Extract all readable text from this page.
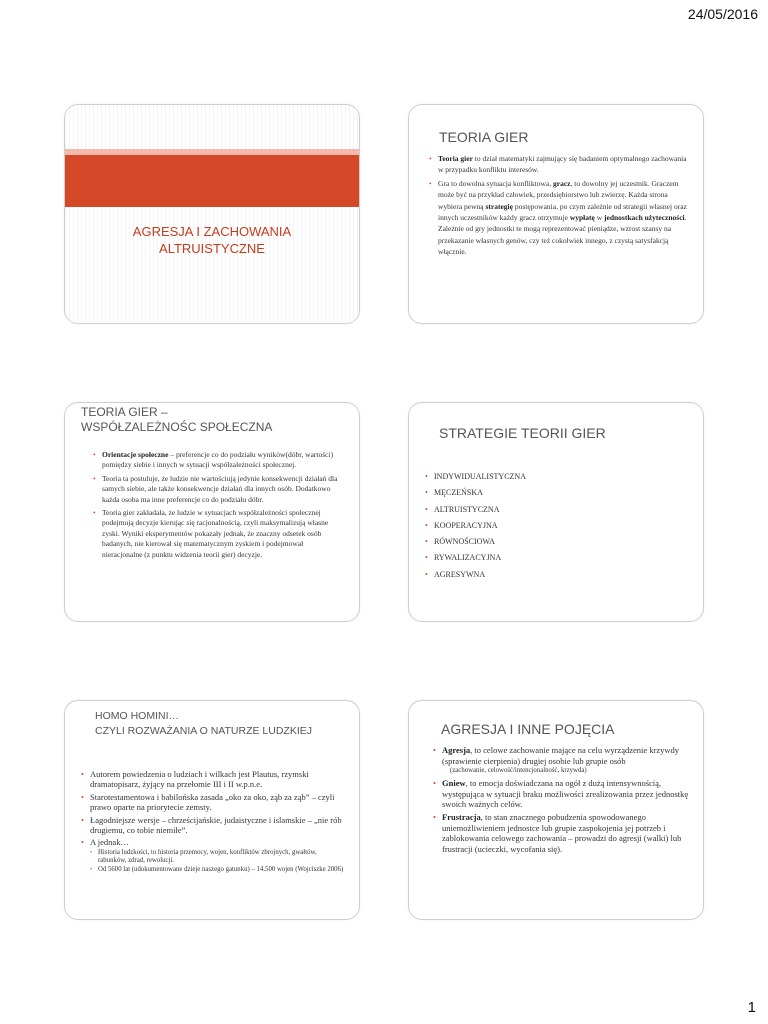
24/05/2016
AGRESJA I ZACHOWANIA
ALTRUISTYCZNE
TEORIA GIER
• Teoria gier to dział matematyki zajmujący się badaniem optymalnego zachowania w przypadku konfliktu interesów.
• Gra to dowolna sytuacja konfliktowa, gracz, to dowolny jej uczestnik. Graczem może być na przykład człowiek, przedsiębiorstwo lub zwierzę. Każda strona wybiera pewną strategię postępowania, po czym zależnie od strategii własnej oraz innych uczestników każdy gracz otrzymuje wypłatę w jednostkach użyteczności. Zależnie od gry jednostki te mogą reprezentować pieniądze, wzrost szansy na przekazanie własnych genów, czy też cokolwiek innego, z czystą satysfakcją włącznie.
TEORIA GIER –
WSPÓŁZALEŻNOŚC SPOŁECZNA
• Orientacje społeczne – preferencje co do podziału wyników(dóbr, wartości) pomiędzy siebie i innych w sytuacji współzależności społecznej.
• Teoria ta postuluje, że ludzie nie wartościują jedynie konsekwencji działań dla samych siebie, ale także konsekwencje działań dla innych osób. Dodatkowo każda osoba ma inne preferencje co do podziału dóbr.
• Teoria gier zakładała, że ludzie w sytuacjach współzależności społecznej podejmują decyzje kierując się racjonalnością, czyli maksymalizują własne zyski. Wyniki eksperymentów pokazały jednak, że znaczny odsetek osób badanych, nie kierował się matematycznym zyskiem i podejmował nieracjonalne (z punktu widzenia teorii gier) decyzje.
STRATEGIE TEORII GIER
• INDYWIDUALISTYCZNA
• MĘCZEŃSKA
• ALTRUISTYCZNA
• KOOPERACYJNA
• RÓWNOŚCIOWA
• RYWALIZACYJNA
• AGRESYWNA
HOMO HOMINI…
CZYLI ROZWAŻANIA O NATURZE LUDZKIEJ
• Autorem powiedzenia o ludziach i wilkach jest Plautus, rzymski dramatopisarz, żyjący na przełomie III i II w.p.n.e.
• Starotestamentowa i babilońska zasada „oko za oko, ząb za ząb” – czyli prawo oparte na priorytecie zemsty.
• Łagodniejsze wersje – chrześcijańskie, judaistyczne i islamskie – „nie rób drugiemu, co tobie niemiłe”.
• A jednak…
• Historia ludzkości, to historia przemocy, wojen, konfliktów zbrojnych, gwałtów, rabunków, zdrad, rewolucji.
• Od 5600 lat (udokumentowane dzieje naszego gatunku) – 14.500 wojen (Wojciszke 2006)
AGRESJA I INNE POJĘCIA
• Agresja, to celowe zachowanie mające na celu wyrządzenie krzywdy (sprawienie cierpienia) drugiej osobie lub grupie osób
(zachowanie, celowość/intencjonalność, krzywda)
• Gniew, to emocja doświadczana na ogół z dużą intensywnością, występująca w sytuacji braku możliwości zrealizowania przez jednostkę swoich ważnych celów.
• Frustracja, to stan znacznego pobudzenia spowodowanego uniemożliwieniem jednostce lub grupie zaspokojenia jej potrzeb i zablokowania celowego zachowania – prowadzi do agresji (walki) lub frustracji (ucieczki, wycofania się).
1
